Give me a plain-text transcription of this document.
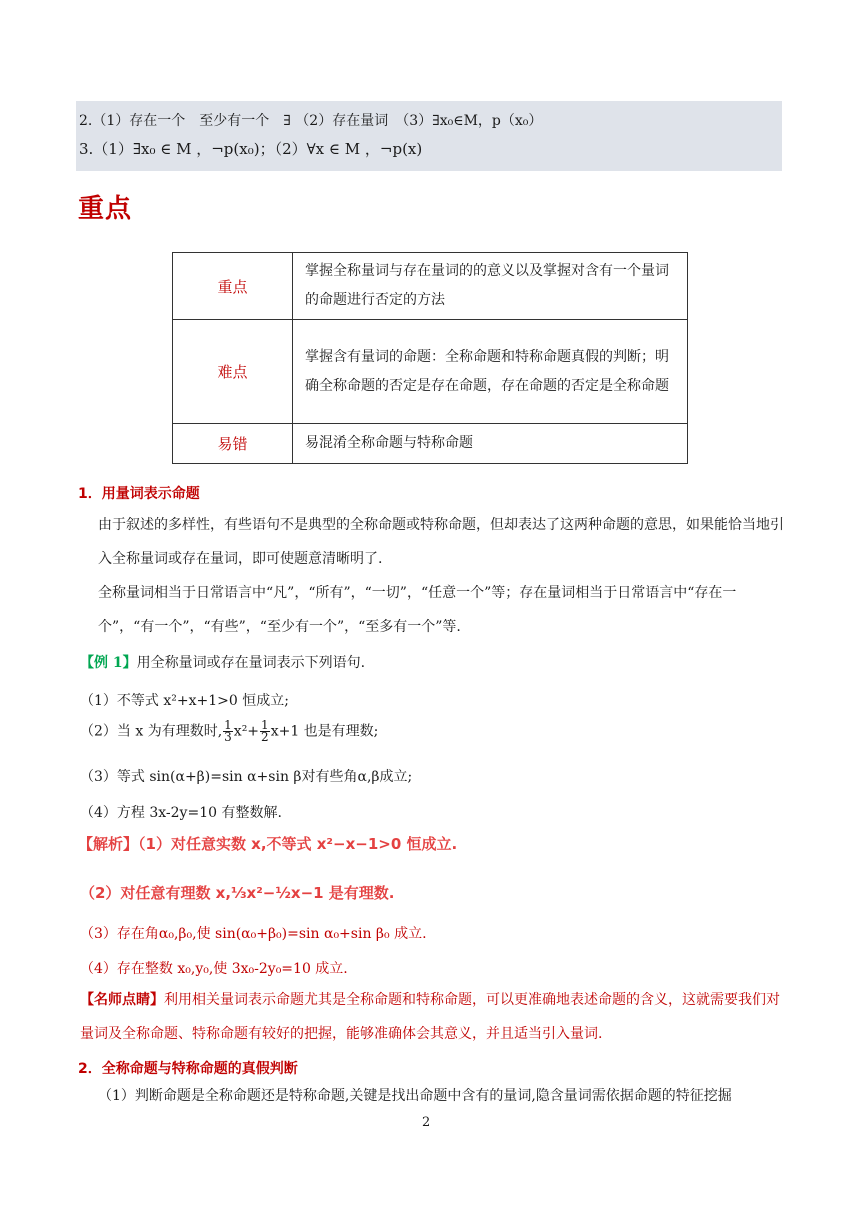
2.（1）存在一个　至少有一个　∃ （2）存在量词　（3）∃x₀∈M，p（x₀）
3.（1）∃x₀ ∈ M ，¬p(x₀)；（2）∀x ∈ M ，¬p(x)
重点
重点	掌握全称量词与存在量词的的意义以及掌握对含有一个量词的命题进行否定的方法
难点	掌握含有量词的命题：全称命题和特称命题真假的判断；明确全称命题的否定是存在命题，存在命题的否定是全称命题
易错	易混淆全称命题与特称命题
1．用量词表示命题
由于叙述的多样性，有些语句不是典型的全称命题或特称命题，但却表达了这两种命题的意思，如果能恰当地引入全称量词或存在量词，即可使题意清晰明了.
全称量词相当于日常语言中“凡”，“所有”，“一切”，“任意一个”等；存在量词相当于日常语言中“存在一个”，“有一个”，“有些”，“至少有一个”，“至多有一个”等.
【例 1】用全称量词或存在量词表示下列语句.
（1）不等式 x²+x+1>0 恒成立;
（2）当 x 为有理数时, $\frac{1}{3} x^2+ \frac{1}{2} x+1$ 也是有理数;
（3）等式 sin(α+β)=sin α+sin β对有些角α,β成立;
（4）方程 3x-2y=10 有整数解.
【解析】（1）对任意实数 x,不等式 x²−x−1>0 恒成立.
（2）对任意有理数 x,⅓x²−½x−1 是有理数.
（3）存在角α₀,β₀,使 sin(α₀+β₀)=sin α₀+sin β₀ 成立.
（4）存在整数 x₀,y₀,使 3x₀-2y₀=10 成立.
【名师点睛】利用相关量词表示命题尤其是全称命题和特称命题，可以更准确地表述命题的含义，这就需要我们对量词及全称命题、特称命题有较好的把握，能够准确体会其意义，并且适当引入量词.
2．全称命题与特称命题的真假判断
（1）判断命题是全称命题还是特称命题,关键是找出命题中含有的量词,隐含量词需依据命题的特征挖掘
2
